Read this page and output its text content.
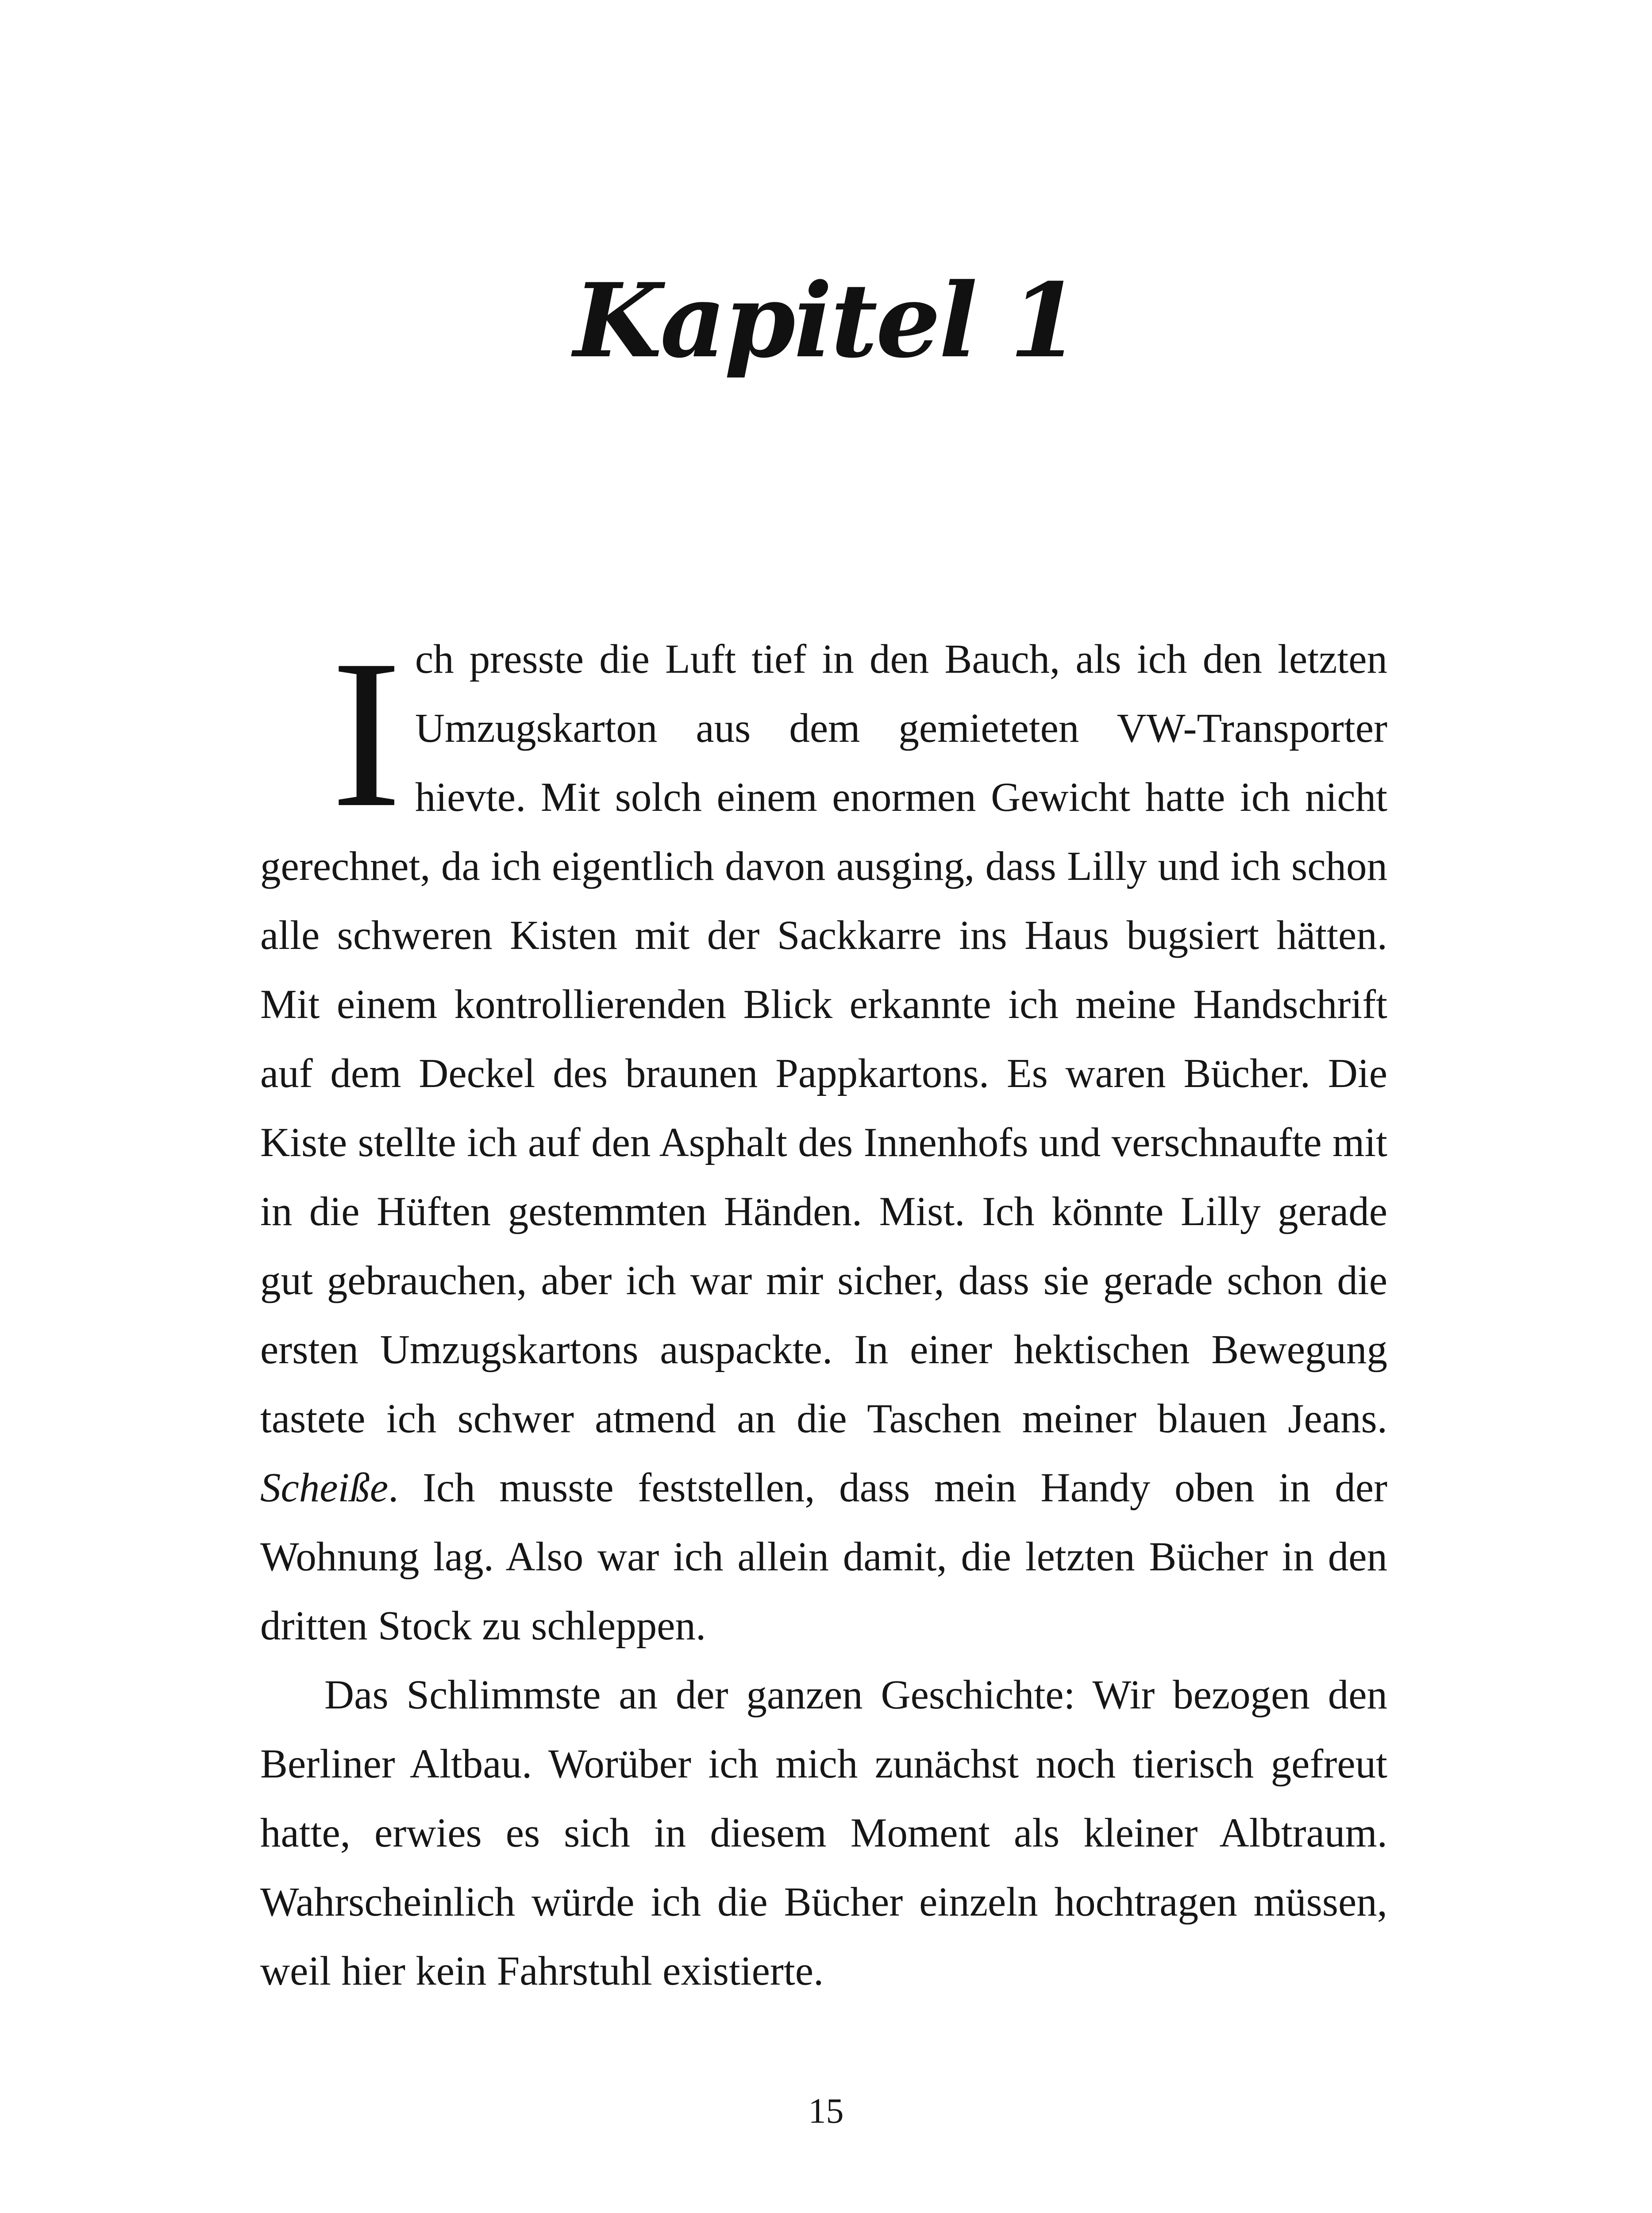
Kapitel 1

Ich presste die Luft tief in den Bauch, als ich den letzten Umzugskarton aus dem gemieteten VW-Transporter hievte. Mit solch einem enormen Gewicht hatte ich nicht gerechnet, da ich eigentlich davon ausging, dass Lilly und ich schon alle schweren Kisten mit der Sackkarre ins Haus bugsiert hätten. Mit einem kontrollierenden Blick erkannte ich meine Handschrift auf dem Deckel des braunen Pappkartons. Es waren Bücher. Die Kiste stellte ich auf den Asphalt des Innenhofs und verschnaufte mit in die Hüften gestemmten Händen. Mist. Ich könnte Lilly gerade gut gebrauchen, aber ich war mir sicher, dass sie gerade schon die ersten Umzugskartons auspackte. In einer hektischen Bewegung tastete ich schwer atmend an die Taschen meiner blauen Jeans. Scheiße. Ich musste feststellen, dass mein Handy oben in der Wohnung lag. Also war ich allein damit, die letzten Bücher in den dritten Stock zu schleppen.

Das Schlimmste an der ganzen Geschichte: Wir bezogen den Berliner Altbau. Worüber ich mich zunächst noch tierisch gefreut hatte, erwies es sich in diesem Moment als kleiner Albtraum. Wahrscheinlich würde ich die Bücher einzeln hochtragen müssen, weil hier kein Fahrstuhl existierte.

15
